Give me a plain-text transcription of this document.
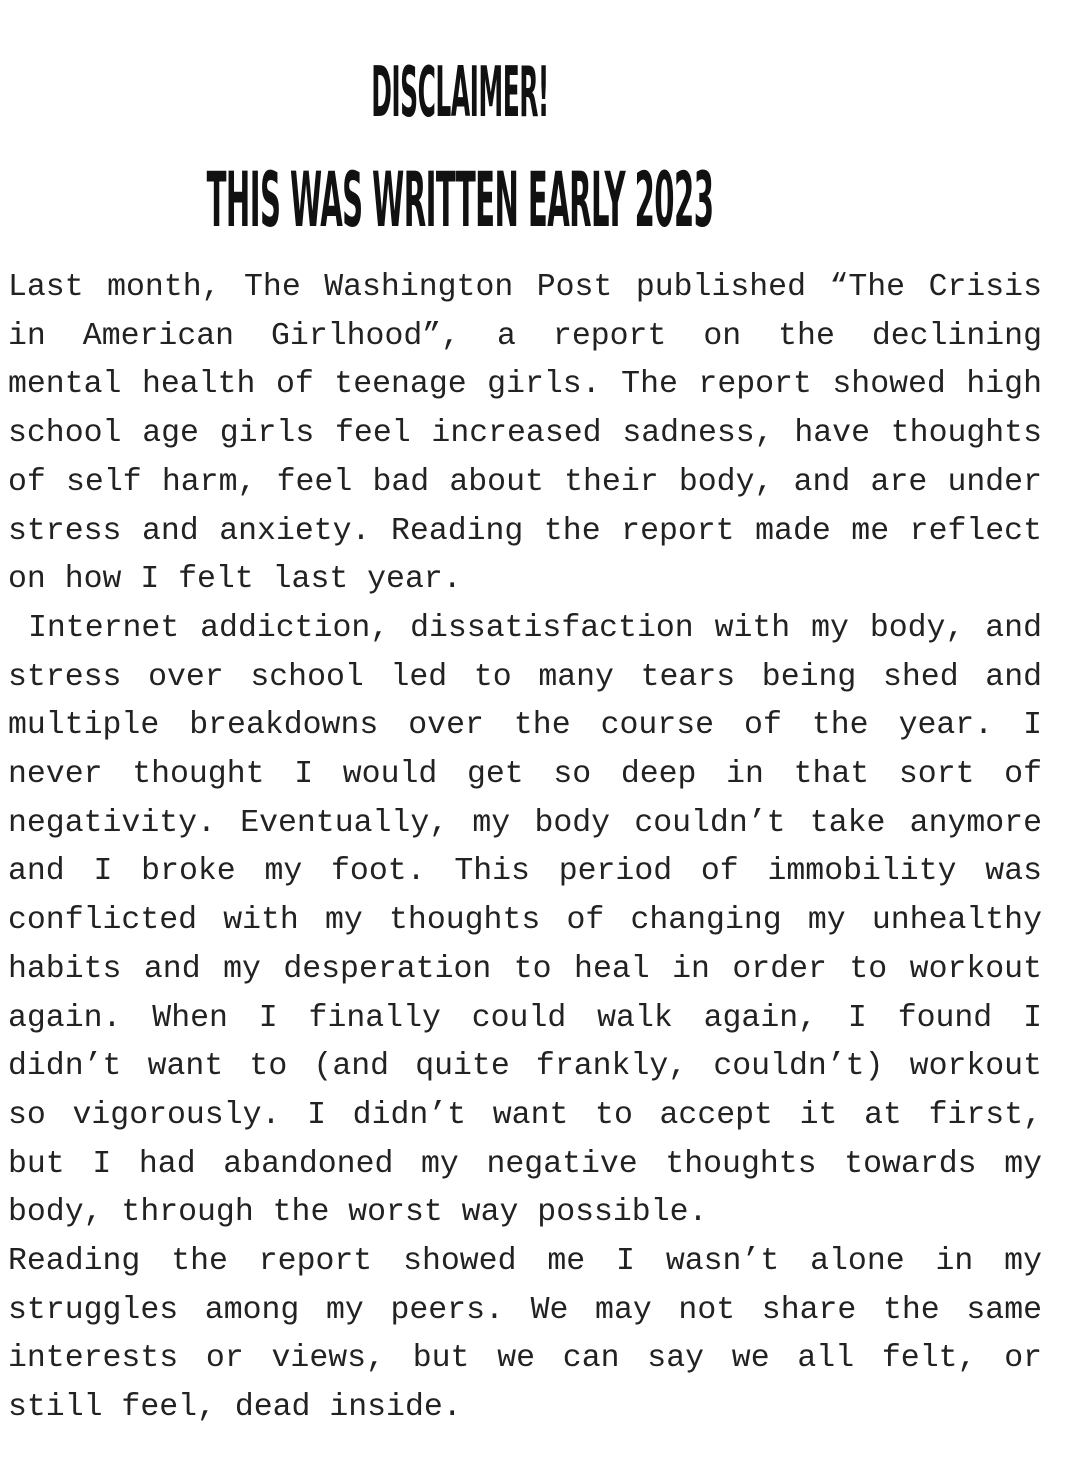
DISCLAIMER!
THIS WAS WRITTEN EARLY 2023

Last month, The Washington Post published “The Crisis in American Girlhood”, a report on the declining mental health of teenage girls. The report showed high school age girls feel increased sadness, have thoughts of self harm, feel bad about their body, and are under stress and anxiety. Reading the report made me reflect on how I felt last year.

Internet addiction, dissatisfaction with my body, and stress over school led to many tears being shed and multiple breakdowns over the course of the year. I never thought I would get so deep in that sort of negativity. Eventually, my body couldn’t take anymore and I broke my foot. This period of immobility was conflicted with my thoughts of changing my unhealthy habits and my desperation to heal in order to workout again. When I finally could walk again, I found I didn’t want to (and quite frankly, couldn’t) workout so vigorously. I didn’t want to accept it at first, but I had abandoned my negative thoughts towards my body, through the worst way possible.

Reading the report showed me I wasn’t alone in my struggles among my peers. We may not share the same interests or views, but we can say we all felt, or still feel, dead inside.
